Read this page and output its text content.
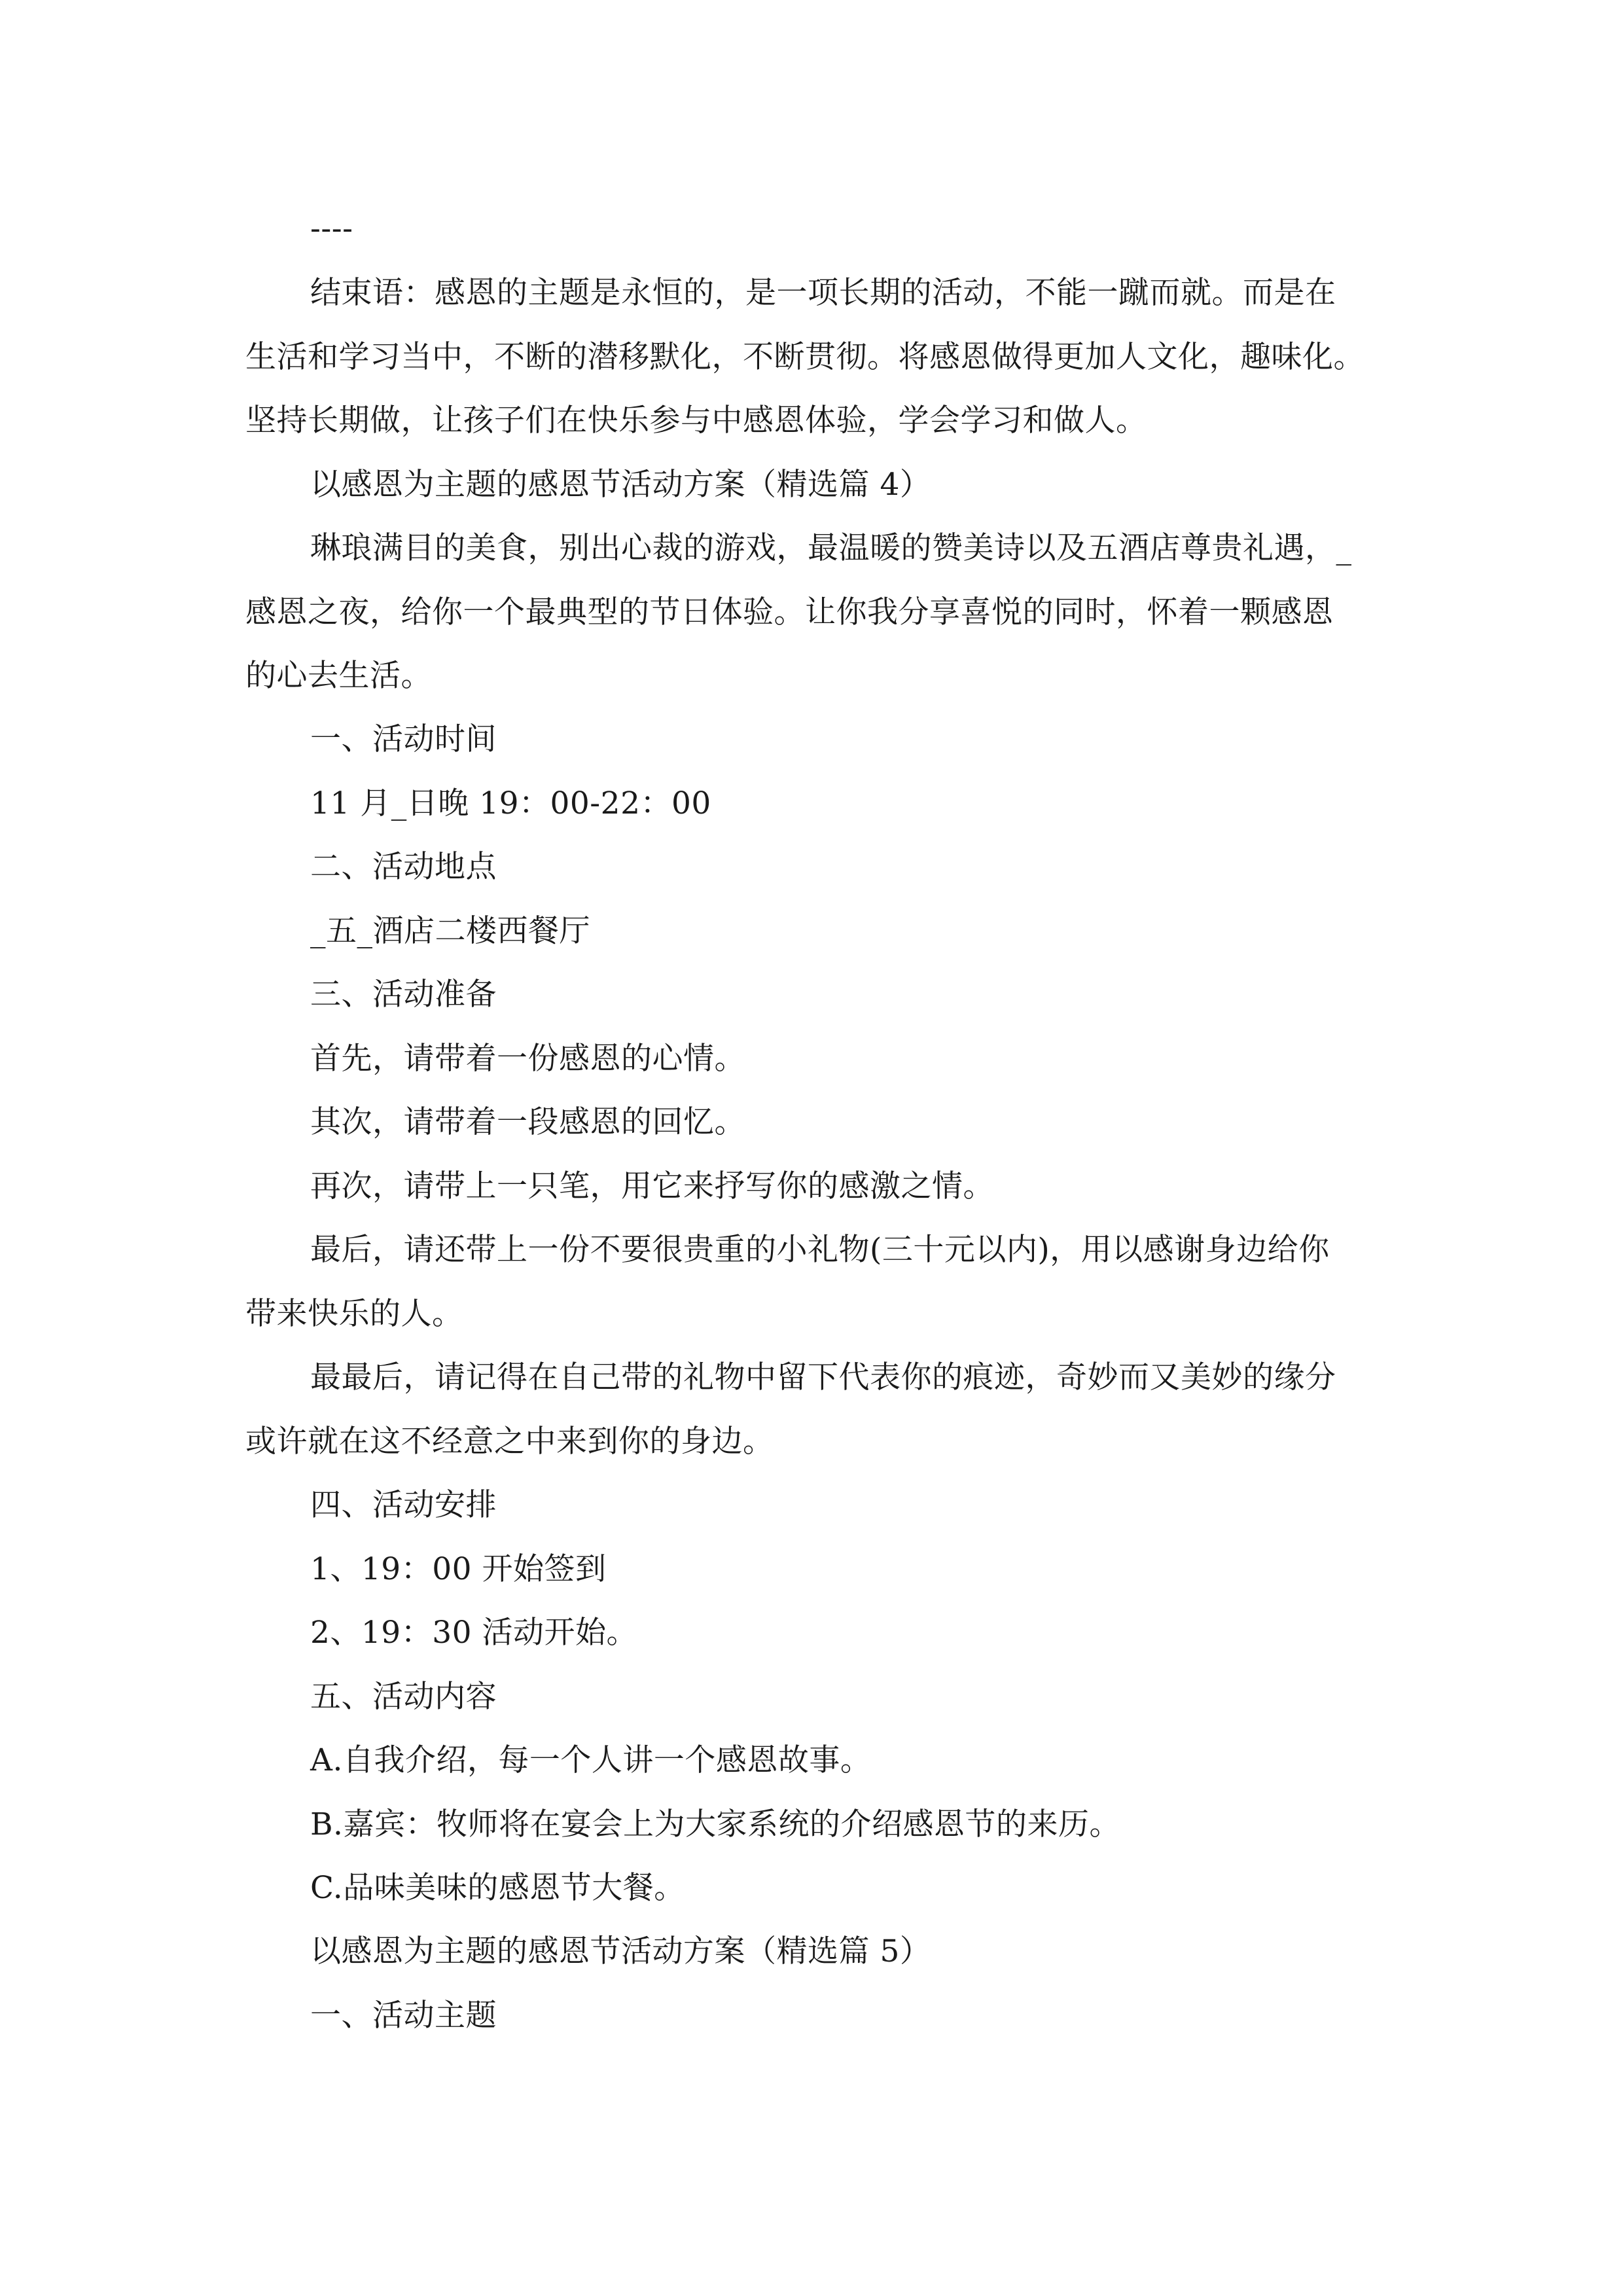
----
结束语：感恩的主题是永恒的，是一项长期的活动，不能一蹴而就。而是在
生活和学习当中，不断的潜移默化，不断贯彻。将感恩做得更加人文化，趣味化。
坚持长期做，让孩子们在快乐参与中感恩体验，学会学习和做人。
以感恩为主题的感恩节活动方案（精选篇 4）
琳琅满目的美食，别出心裁的游戏，最温暖的赞美诗以及五酒店尊贵礼遇，_
感恩之夜，给你一个最典型的节日体验。让你我分享喜悦的同时，怀着一颗感恩
的心去生活。
一、活动时间
11 月_日晚 19：00-22：00
二、活动地点
_五_酒店二楼西餐厅
三、活动准备
首先，请带着一份感恩的心情。
其次，请带着一段感恩的回忆。
再次，请带上一只笔，用它来抒写你的感激之情。
最后，请还带上一份不要很贵重的小礼物(三十元以内)，用以感谢身边给你
带来快乐的人。
最最后，请记得在自己带的礼物中留下代表你的痕迹，奇妙而又美妙的缘分
或许就在这不经意之中来到你的身边。
四、活动安排
1、19：00 开始签到
2、19：30 活动开始。
五、活动内容
A.自我介绍，每一个人讲一个感恩故事。
B.嘉宾：牧师将在宴会上为大家系统的介绍感恩节的来历。
C.品味美味的感恩节大餐。
以感恩为主题的感恩节活动方案（精选篇 5）
一、活动主题
